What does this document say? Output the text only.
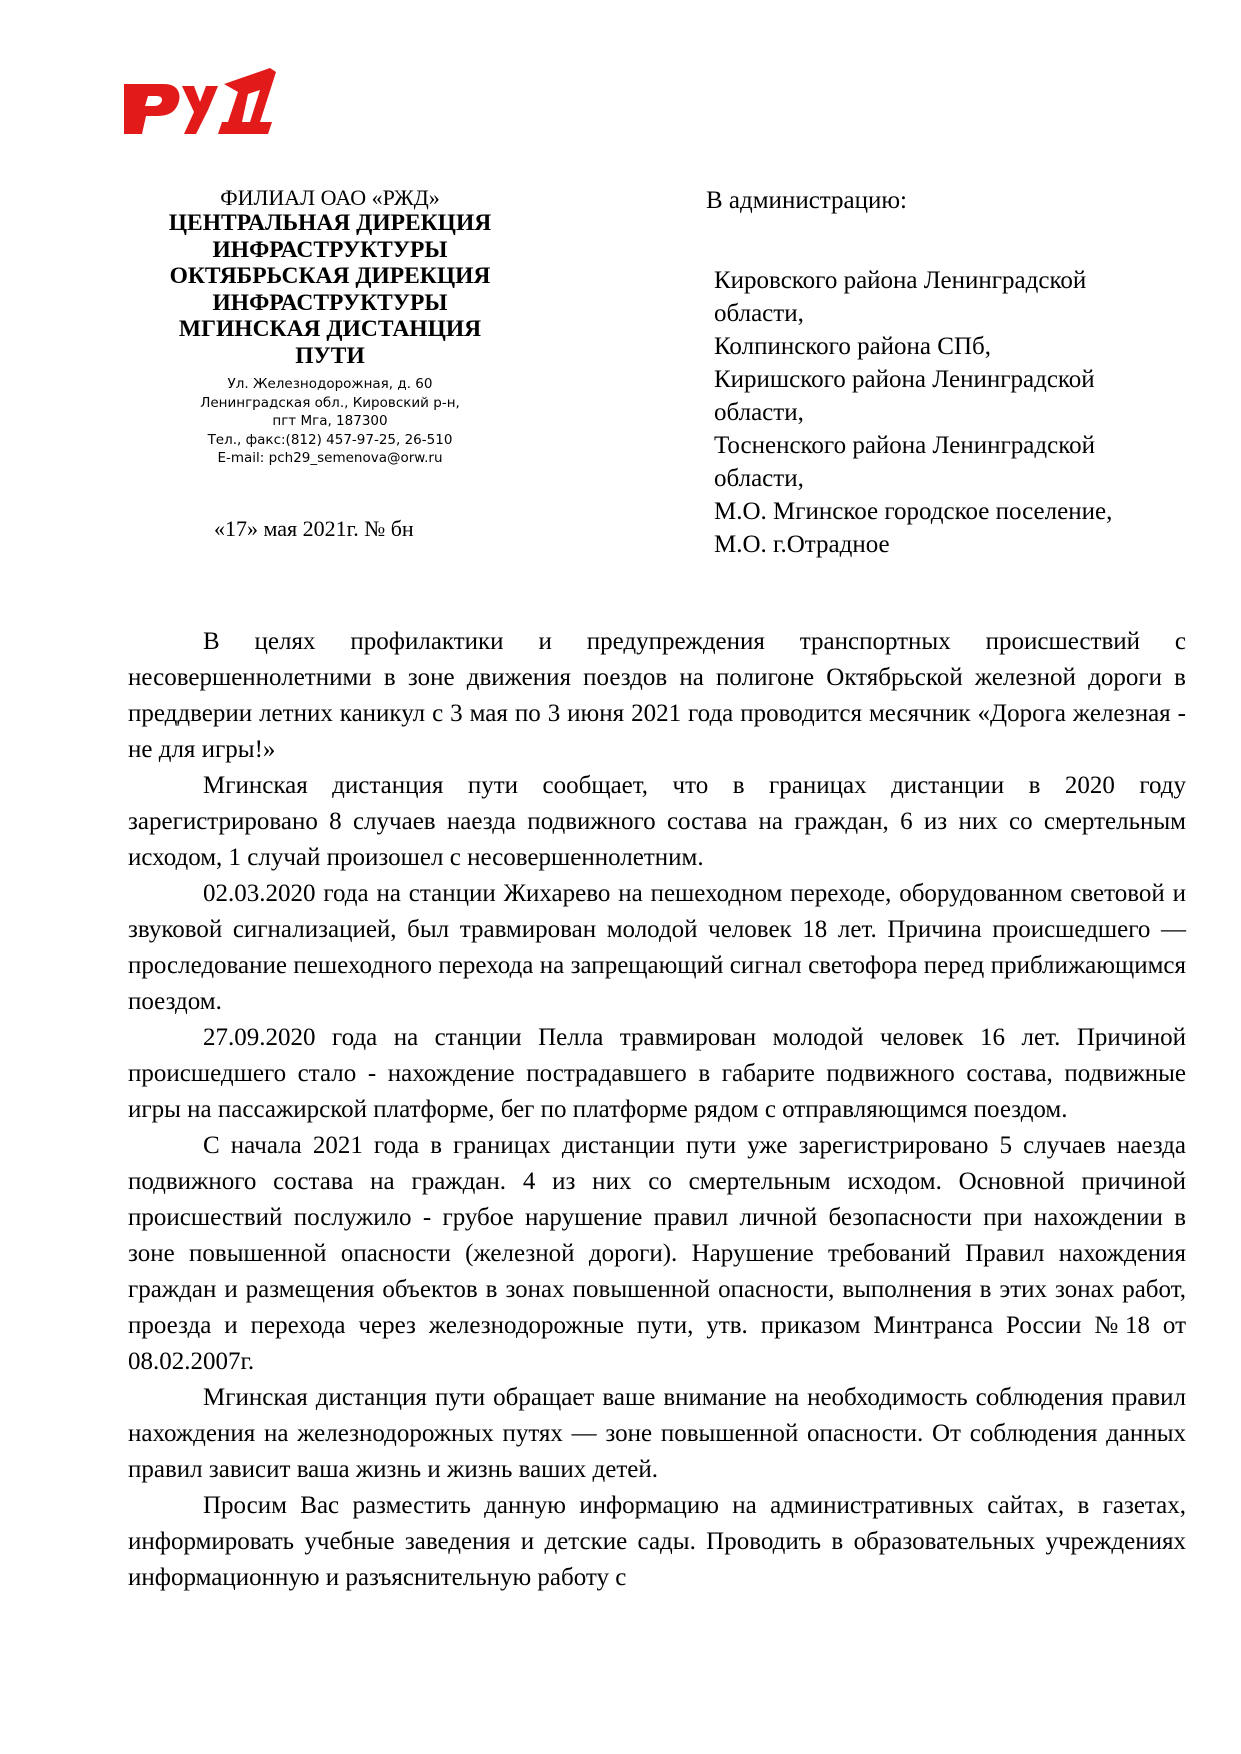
ФИЛИАЛ ОАО «РЖД»
ЦЕНТРАЛЬНАЯ ДИРЕКЦИЯ
ИНФРАСТРУКТУРЫ
ОКТЯБРЬСКАЯ ДИРЕКЦИЯ
ИНФРАСТРУКТУРЫ
МГИНСКАЯ ДИСТАНЦИЯ
ПУТИ
Ул. Железнодорожная, д. 60
Ленинградская обл., Кировский р-н,
пгт Мга, 187300
Тел., факс:(812) 457-97-25, 26-510
E-mail: pch29_semenova@orw.ru
«17» мая 2021г. № бн
В администрацию:
Кировского района Ленинградской
области,
Колпинского района СПб,
Киришского района Ленинградской
области,
Тосненского района Ленинградской
области,
М.О. Мгинское городское поселение,
М.О. г.Отрадное

В целях профилактики и предупреждения транспортных происшествий с несовершеннолетними в зоне движения поездов на полигоне Октябрьской железной дороги в преддверии летних каникул с 3 мая по 3 июня 2021 года проводится месячник «Дорога железная - не для игры!»

Мгинская дистанция пути сообщает, что в границах дистанции в 2020 году зарегистрировано 8 случаев наезда подвижного состава на граждан, 6 из них со смертельным исходом, 1 случай произошел с несовершеннолетним.

02.03.2020 года на станции Жихарево на пешеходном переходе, оборудованном световой и звуковой сигнализацией, был травмирован молодой человек 18 лет. Причина происшедшего — проследование пешеходного перехода на запрещающий сигнал светофора перед приближающимся поездом.

27.09.2020 года на станции Пелла травмирован молодой человек 16 лет. Причиной происшедшего стало - нахождение пострадавшего в габарите подвижного состава, подвижные игры на пассажирской платформе, бег по платформе рядом с отправляющимся поездом.

С начала 2021 года в границах дистанции пути уже зарегистрировано 5 случаев наезда подвижного состава на граждан. 4 из них со смертельным исходом. Основной причиной происшествий послужило - грубое нарушение правил личной безопасности при нахождении в зоне повышенной опасности (железной дороги). Нарушение требований Правил нахождения граждан и размещения объектов в зонах повышенной опасности, выполнения в этих зонах работ, проезда и перехода через железнодорожные пути, утв. приказом Минтранса России №18 от 08.02.2007г.

Мгинская дистанция пути обращает ваше внимание на необходимость соблюдения правил нахождения на железнодорожных путях — зоне повышенной опасности. От соблюдения данных правил зависит ваша жизнь и жизнь ваших детей.

Просим Вас разместить данную информацию на административных сайтах, в газетах, информировать учебные заведения и детские сады. Проводить в образовательных учреждениях информационную и разъяснительную работу с
